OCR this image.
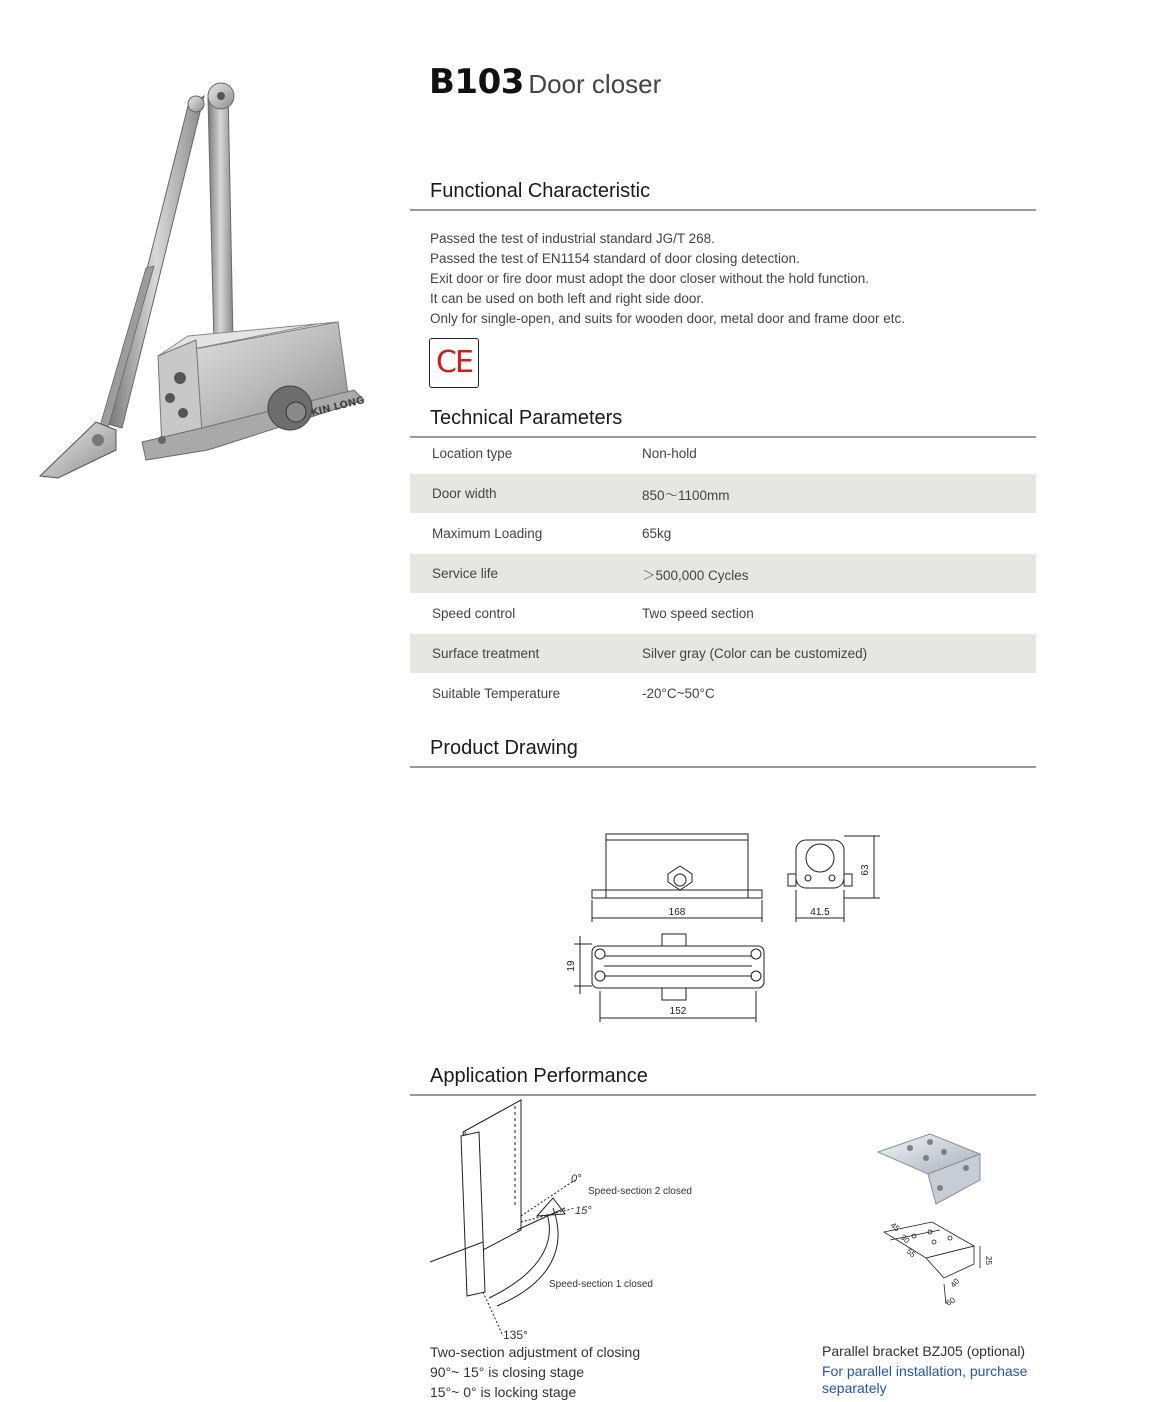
KIN LONG
B103 Door closer
Functional Characteristic
Passed the test of industrial standard JG/T 268.
Passed the test of EN1154 standard of door closing detection.
Exit door or fire door must adopt the door closer without the hold function.
It can be used on both left and right side door.
Only for single-open, and suits for wooden door, metal door and frame door etc.
CE
Technical Parameters
Location type	Non-hold
Door width	850～1100mm
Maximum Loading	65kg
Service life	＞500,000 Cycles
Speed control	Two speed section
Surface treatment	Silver gray (Color can be customized)
Suitable Temperature	-20°C~50°C
Product Drawing
168	41.5
63
19
152
Application Performance
0°
15°
135°
Speed-section 2 closed
Speed-section 1 closed
Two-section adjustment of closing
90°~ 15° is closing stage
15°~ 0° is locking stage
45
30
55
25
40
60
Parallel bracket BZJ05 (optional)
For parallel installation, purchase separately
